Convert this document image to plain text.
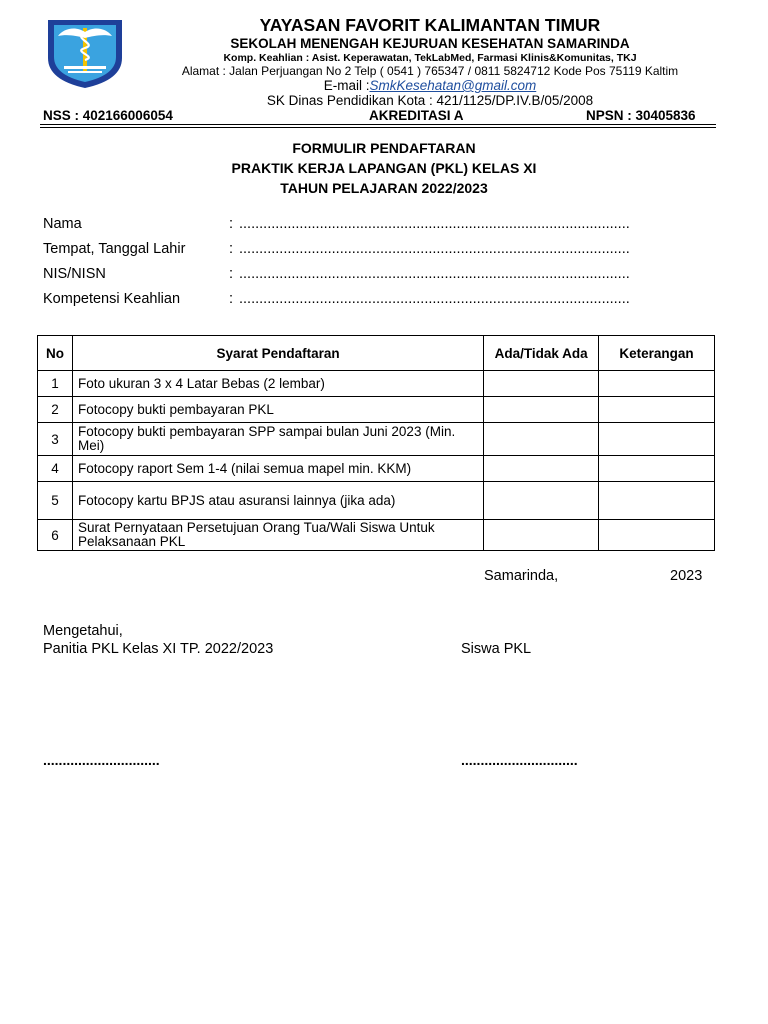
YAYASAN FAVORIT KALIMANTAN TIMUR
SEKOLAH MENENGAH KEJURUAN KESEHATAN SAMARINDA
Komp. Keahlian : Asist. Keperawatan, TekLabMed, Farmasi Klinis&Komunitas, TKJ
Alamat : Jalan Perjuangan No 2 Telp ( 0541 ) 765347 / 0811 5824712 Kode Pos 75119 Kaltim
E-mail :SmkKesehatan@gmail.com
SK Dinas Pendidikan Kota : 421/1125/DP.IV.B/05/2008
NSS : 402166006054	AKREDITASI A	NPSN : 30405836
FORMULIR PENDAFTARAN
PRAKTIK KERJA LAPANGAN (PKL) KELAS XI
TAHUN PELAJARAN 2022/2023
Nama	: .................................................................................................
Tempat, Tanggal Lahir	: .................................................................................................
NIS/NISN	: .................................................................................................
Kompetensi Keahlian	: .................................................................................................
No	Syarat Pendaftaran	Ada/Tidak Ada	Keterangan
1	Foto ukuran 3 x 4 Latar Bebas (2 lembar)		
2	Fotocopy bukti pembayaran PKL		
3	Fotocopy bukti pembayaran SPP sampai bulan Juni 2023 (Min. Mei)		
4	Fotocopy raport Sem 1-4 (nilai semua mapel min. KKM)		
5	Fotocopy kartu BPJS atau asuransi lainnya (jika ada)		
6	Surat Pernyataan Persetujuan Orang Tua/Wali Siswa Untuk Pelaksanaan PKL		
Samarinda,	2023
Mengetahui,
Panitia PKL Kelas XI TP. 2022/2023	Siswa PKL
..............................	..............................
